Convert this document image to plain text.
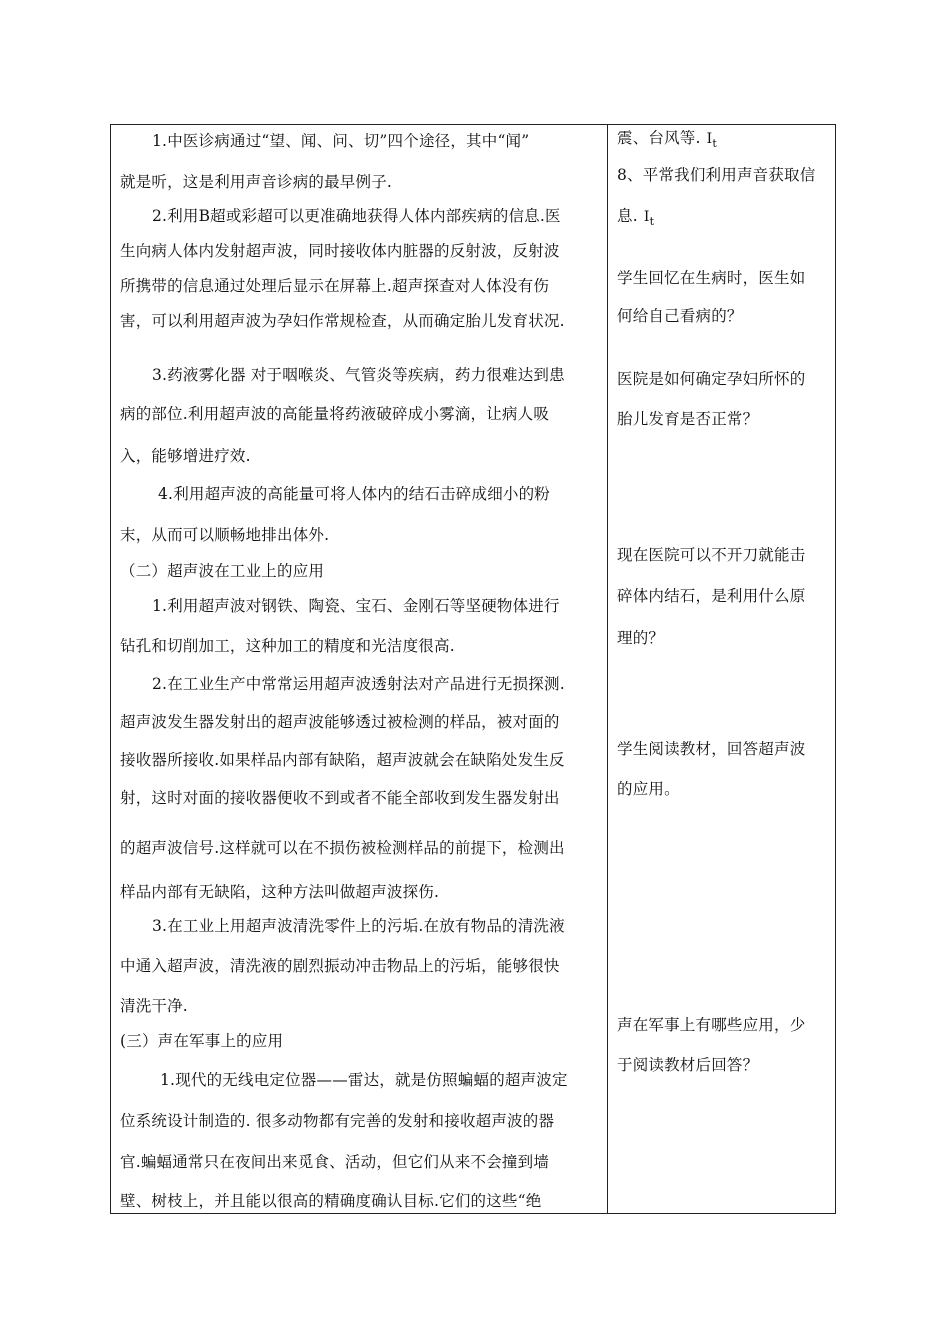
1.中医诊病通过“望、闻、问、切”四个途径，其中“闻”
就是听，这是利用声音诊病的最早例子.
2.利用B超或彩超可以更准确地获得人体内部疾病的信息.医
生向病人体内发射超声波，同时接收体内脏器的反射波，反射波
所携带的信息通过处理后显示在屏幕上.超声探查对人体没有伤
害，可以利用超声波为孕妇作常规检查，从而确定胎儿发育状况.
3.药液雾化器 对于咽喉炎、气管炎等疾病，药力很难达到患
病的部位.利用超声波的高能量将药液破碎成小雾滴，让病人吸
入，能够增进疗效.
4.利用超声波的高能量可将人体内的结石击碎成细小的粉
末，从而可以顺畅地排出体外.
（二）超声波在工业上的应用
1.利用超声波对钢铁、陶瓷、宝石、金刚石等坚硬物体进行
钻孔和切削加工，这种加工的精度和光洁度很高.
2.在工业生产中常常运用超声波透射法对产品进行无损探测.
超声波发生器发射出的超声波能够透过被检测的样品，被对面的
接收器所接收.如果样品内部有缺陷，超声波就会在缺陷处发生反
射，这时对面的接收器便收不到或者不能全部收到发生器发射出
的超声波信号.这样就可以在不损伤被检测样品的前提下，检测出
样品内部有无缺陷，这种方法叫做超声波探伤.
3.在工业上用超声波清洗零件上的污垢.在放有物品的清洗液
中通入超声波，清洗液的剧烈振动冲击物品上的污垢，能够很快
清洗干净.
(三）声在军事上的应用
1.现代的无线电定位器——雷达，就是仿照蝙蝠的超声波定
位系统设计制造的. 很多动物都有完善的发射和接收超声波的器
官.蝙蝠通常只在夜间出来觅食、活动，但它们从来不会撞到墙
壁、树枝上，并且能以很高的精确度确认目标.它们的这些“绝
震、台风等. $I_t$
8、平常我们利用声音获取信
息. $I_t$
学生回忆在生病时，医生如
何给自己看病的？
医院是如何确定孕妇所怀的
胎儿发育是否正常？
现在医院可以不开刀就能击
碎体内结石，是利用什么原
理的？
学生阅读教材，回答超声波
的应用。
声在军事上有哪些应用，少
于阅读教材后回答？
